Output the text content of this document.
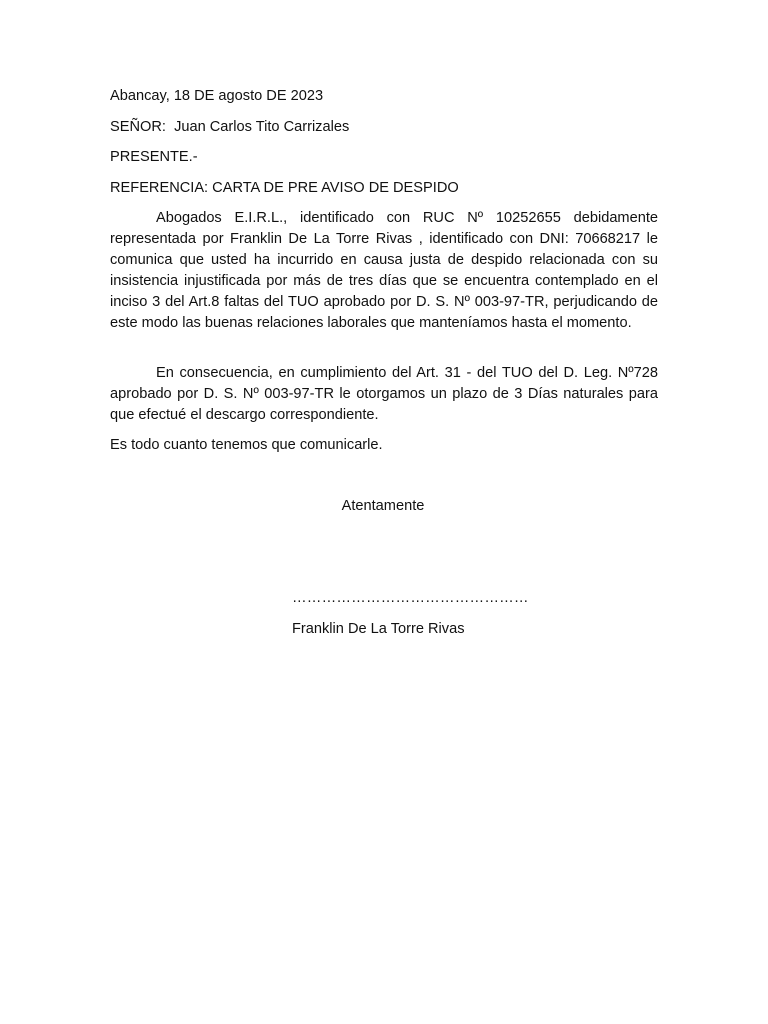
Abancay, 18 DE agosto DE 2023
SEÑOR: Juan Carlos Tito Carrizales
PRESENTE.-
REFERENCIA: CARTA DE PRE AVISO DE DESPIDO

Abogados E.I.R.L., identificado con RUC Nº 10252655 debidamente representada por Franklin De La Torre Rivas , identificado con DNI: 70668217 le comunica que usted ha incurrido en causa justa de despido relacionada con su insistencia injustificada por más de tres días que se encuentra contemplado en el inciso 3 del Art.8 faltas del TUO aprobado por D. S. Nº 003-97-TR, perjudicando de este modo las buenas relaciones laborales que manteníamos hasta el momento.

En consecuencia, en cumplimiento del Art. 31 - del TUO del D. Leg. Nº728 aprobado por D. S. Nº 003-97-TR le otorgamos un plazo de 3 Días naturales para que efectué el descargo correspondiente.

Es todo cuanto tenemos que comunicarle.
Atentamente
…………………………………………
Franklin De La Torre Rivas
